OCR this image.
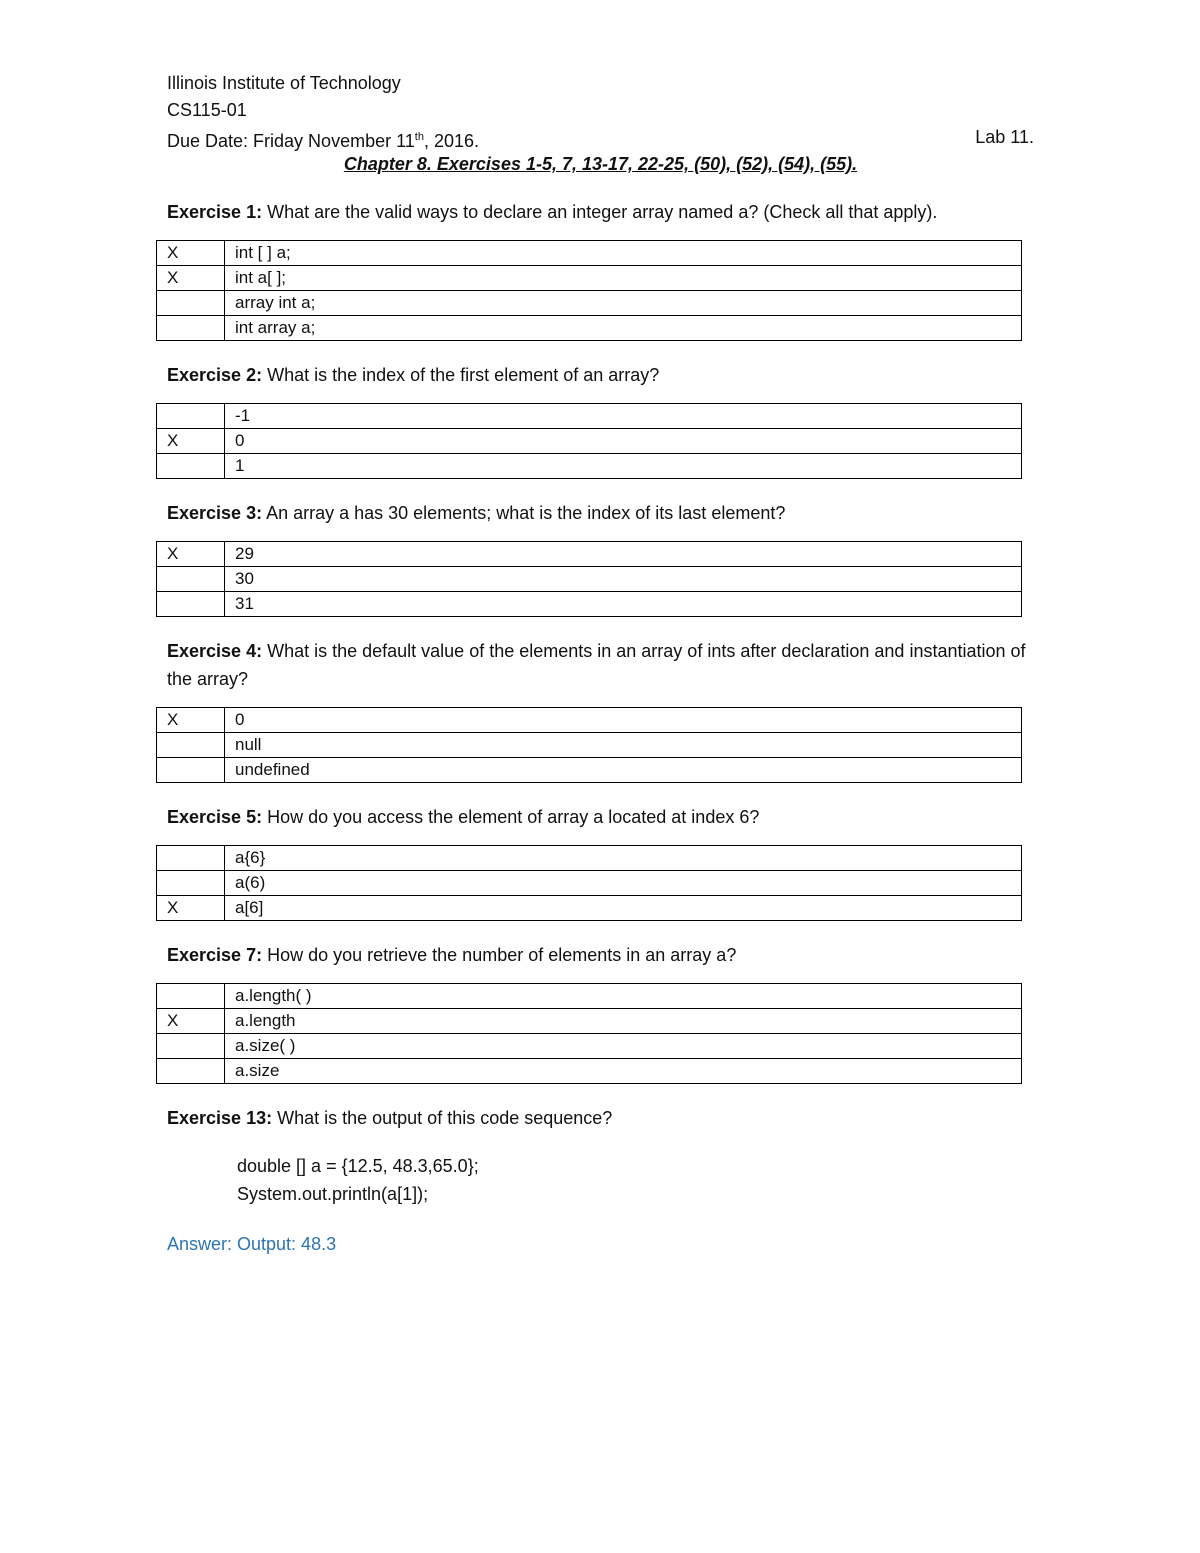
Illinois Institute of Technology
CS115-01
Due Date: Friday November 11th, 2016.	Lab 11.
Chapter 8. Exercises 1-5, 7, 13-17, 22-25, (50), (52), (54), (55).
Exercise 1: What are the valid ways to declare an integer array named a? (Check all that apply).
X	int [ ] a;
X	int a[ ];
	array int a;
	int array a;
Exercise 2: What is the index of the first element of an array?
	-1
X	0
	1
Exercise 3: An array a has 30 elements; what is the index of its last element?
X	29
	30
	31
Exercise 4: What is the default value of the elements in an array of ints after declaration and instantiation of the array?
X	0
	null
	undefined
Exercise 5: How do you access the element of array a located at index 6?
	a{6}
	a(6)
X	a[6]
Exercise 7: How do you retrieve the number of elements in an array a?
	a.length( )
X	a.length
	a.size( )
	a.size
Exercise 13: What is the output of this code sequence?
double [] a = {12.5, 48.3,65.0};
System.out.println(a[1]);
Answer: Output: 48.3
